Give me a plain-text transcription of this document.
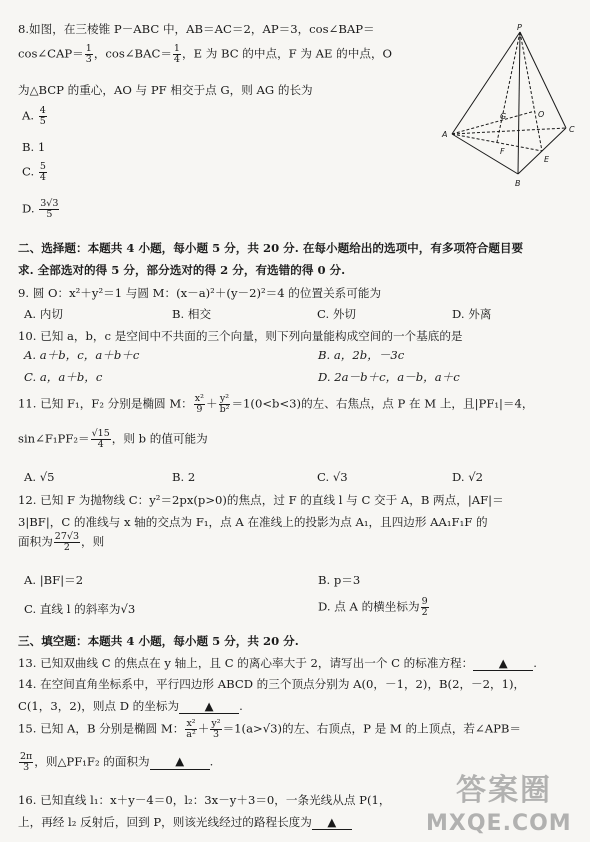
8.如图，在三棱锥 P－ABC 中，AB＝AC＝2，AP＝3，cos∠BAP＝
cos∠CAP＝ $\frac{1}{3}$ ，cos∠BAC＝ $\frac{1}{4}$ ，E 为 BC 的中点，F 为 AE 的中点，O
为△BCP 的重心，AO 与 PF 相交于点 G，则 AG 的长为
A. $\frac{4}{5}$
B. 1
C. $\frac{5}{4}$
D. $\frac{3√3}{5}$
P
A
B
C
O
G
F
E
二、选择题：本题共 4 小题，每小题 5 分，共 20 分. 在每小题给出的选项中，有多项符合题目要
求. 全部选对的得 5 分，部分选对的得 2 分，有选错的得 0 分.
9. 圆 O：x²＋y²＝1 与圆 M：(x－a)²＋(y－2)²＝4 的位置关系可能为
A. 内切	B. 相交	C. 外切	D. 外离
10. 已知 a，b，c 是空间中不共面的三个向量，则下列向量能构成空间的一个基底的是
A. a＋b，c，a＋b＋c	B. a，2b，－3c
C. a，a＋b，c	D. 2a－b＋c，a－b，a＋c
11. 已知 F₁，F₂ 分别是椭圆 M： $\frac{\text{x²}}{9} + \frac{\text{y²}}{\text{b²}} =1(0<b<3)$的左、右焦点，点 P 在 M 上，且|PF₁|＝4，
sin∠F₁PF₂＝ $\frac{√15}{4}$ ，则 b 的值可能为
A. √5	B. 2	C. √3	D. √2
12. 已知 F 为抛物线 C：y²＝2px(p>0)的焦点，过 F 的直线 l 与 C 交于 A，B 两点，|AF|＝
3|BF|，C 的准线与 x 轴的交点为 F₁，点 A 在准线上的投影为点 A₁，且四边形 AA₁F₁F 的
面积为 $\frac{27√3}{2}$ ，则
A. |BF|＝2	B. p＝3
C. 直线 l 的斜率为√3	D. 点 A 的横坐标为 $\frac{9}{2}$
三、填空题：本题共 4 小题，每小题 5 分，共 20 分.
13. 已知双曲线 C 的焦点在 y 轴上，且 C 的离心率大于 2，请写出一个 C 的标准方程： ▲ .
14. 在空间直角坐标系中，平行四边形 ABCD 的三个顶点分别为 A(0，－1，2)，B(2，－2，1)，
C(1，3，2)，则点 D 的坐标为 ▲ .
15. 已知 A，B 分别是椭圆 M： $\frac{\text{x²}}{\text{a²}} + \frac{\text{y²}}{3} =1(a>√3)$的左、右顶点，P 是 M 的上顶点，若∠APB＝
$\frac{2\pi}{3}$ ，则△PF₁F₂ 的面积为 ▲ .
16. 已知直线 l₁：x＋y－4＝0，l₂：3x－y＋3＝0，一条光线从点 P(1，
上，再经 l₂ 反射后，回到 P，则该光线经过的路程长度为 ▲
答案圈
MXQE.COM
